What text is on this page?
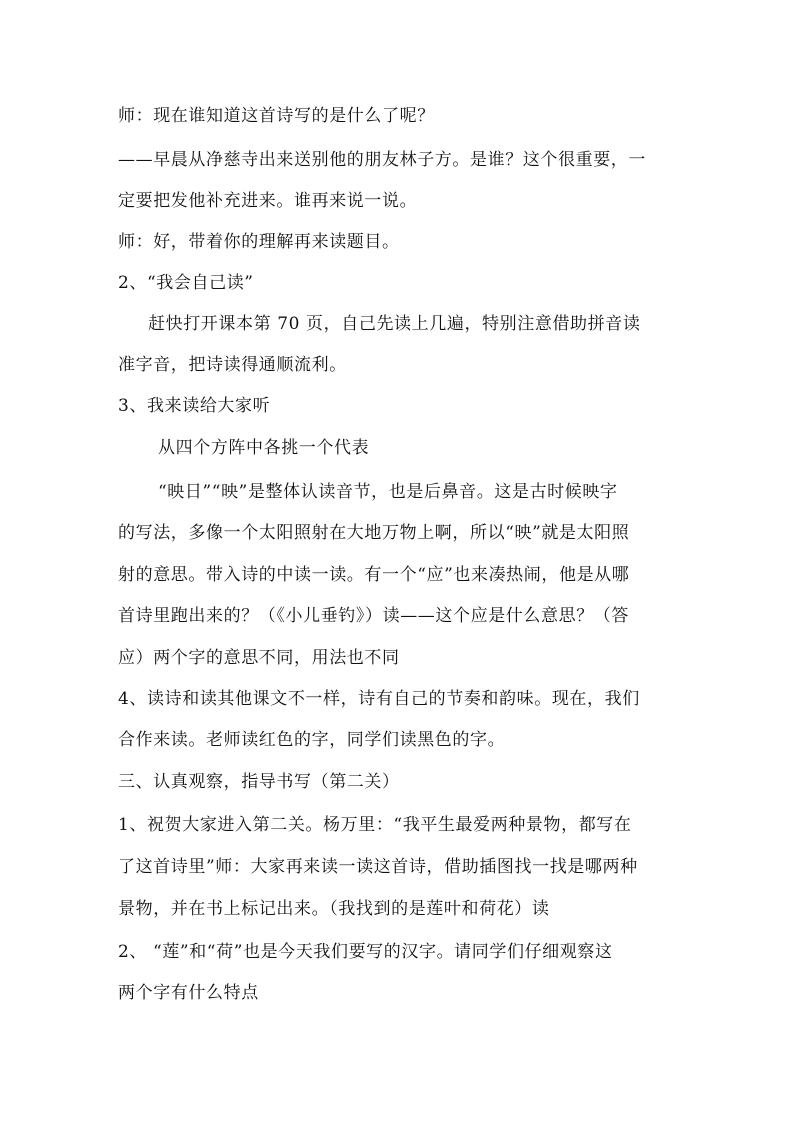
师：现在谁知道这首诗写的是什么了呢？
——早晨从净慈寺出来送别他的朋友林子方。是谁？这个很重要，一
定要把发他补充进来。谁再来说一说。
师：好，带着你的理解再来读题目。
2、“我会自己读”
赶快打开课本第 70 页，自己先读上几遍，特别注意借助拼音读
准字音，把诗读得通顺流利。
3、我来读给大家听
从四个方阵中各挑一个代表
“映日”“映”是整体认读音节，也是后鼻音。这是古时候映字
的写法，多像一个太阳照射在大地万物上啊，所以“映”就是太阳照
射的意思。带入诗的中读一读。有一个“应”也来凑热闹，他是从哪
首诗里跑出来的？（《小儿垂钓》）读——这个应是什么意思？（答
应）两个字的意思不同，用法也不同
4、读诗和读其他课文不一样，诗有自己的节奏和韵味。现在，我们
合作来读。老师读红色的字，同学们读黑色的字。
三、认真观察，指导书写（第二关）
1、祝贺大家进入第二关。杨万里：“我平生最爱两种景物，都写在
了这首诗里”师：大家再来读一读这首诗，借助插图找一找是哪两种
景物，并在书上标记出来。（我找到的是莲叶和荷花）读
2、 “莲”和“荷”也是今天我们要写的汉字。请同学们仔细观察这
两个字有什么特点
